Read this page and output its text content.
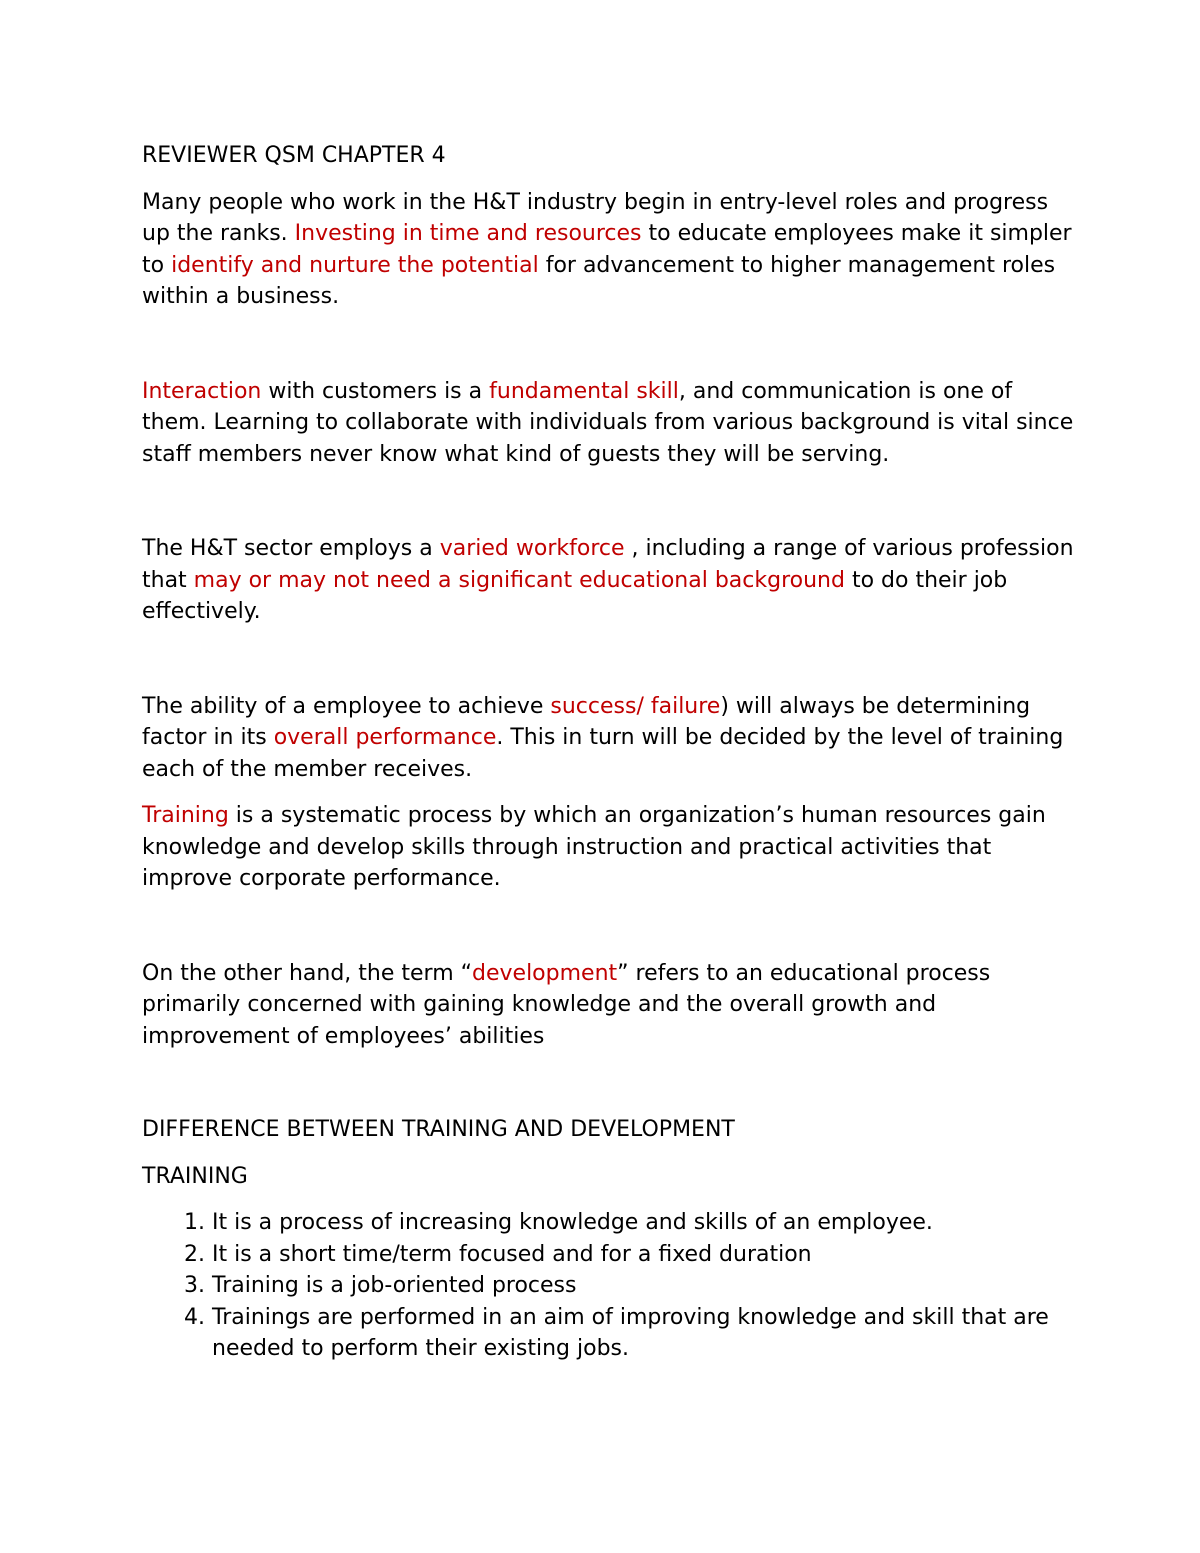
REVIEWER QSM CHAPTER 4

Many people who work in the H&T industry begin in entry-level roles and progress up the ranks. Investing in time and resources to educate employees make it simpler to identify and nurture the potential for advancement to higher management roles within a business.

Interaction with customers is a fundamental skill, and communication is one of them. Learning to collaborate with individuals from various background is vital since staff members never know what kind of guests they will be serving.

The H&T sector employs a varied workforce , including a range of various profession that may or may not need a significant educational background to do their job effectively.

The ability of a employee to achieve success/ failure) will always be determining factor in its overall performance. This in turn will be decided by the level of training each of the member receives.

Training is a systematic process by which an organization’s human resources gain knowledge and develop skills through instruction and practical activities that improve corporate performance.

On the other hand, the term “development” refers to an educational process primarily concerned with gaining knowledge and the overall growth and improvement of employees’ abilities

DIFFERENCE BETWEEN TRAINING AND DEVELOPMENT

TRAINING

1. It is a process of increasing knowledge and skills of an employee.
2. It is a short time/term focused and for a fixed duration
3. Training is a job-oriented process
4. Trainings are performed in an aim of improving knowledge and skill that are needed to perform their existing jobs.
